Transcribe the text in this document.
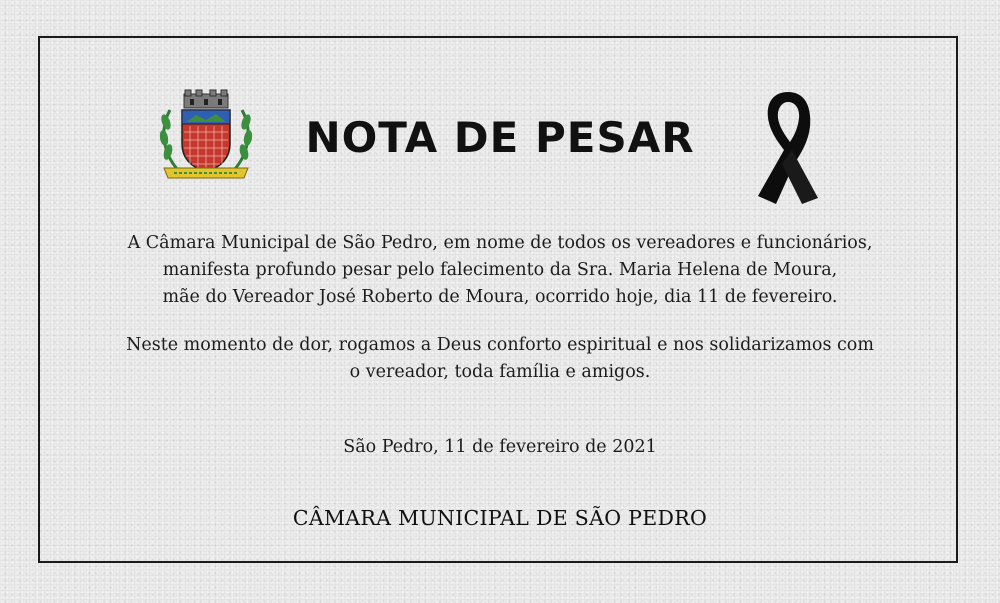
NOTA DE PESAR

A Câmara Municipal de São Pedro, em nome de todos os vereadores e funcionários,
manifesta profundo pesar pelo falecimento da Sra. Maria Helena de Moura,
mãe do Vereador José Roberto de Moura, ocorrido hoje, dia 11 de fevereiro.

Neste momento de dor, rogamos a Deus conforto espiritual e nos solidarizamos com
o vereador, toda família e amigos.

São Pedro, 11 de fevereiro de 2021

CÂMARA MUNICIPAL DE SÃO PEDRO
